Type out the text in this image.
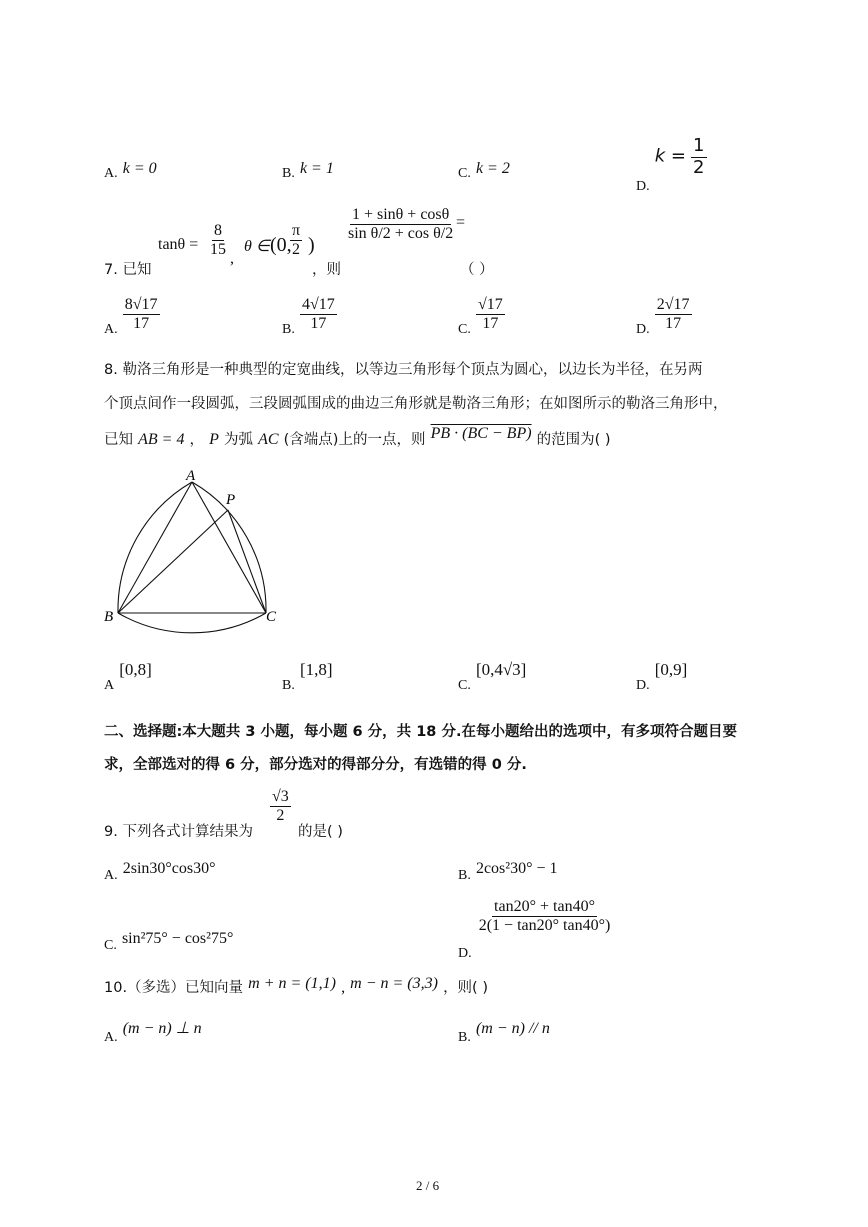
A. k = 0	B. k = 1	C. k = 2
D. $k = \frac{1}{2}$
7. 已知
$\tan\theta = \frac{8}{15}$ ,
θ ∈ (0,
$\frac{\pi}{2}$ )
，则
$\frac{1 + \sin\theta + \cos\theta}{\text{sin θ/2 + cos θ/2}}$ =
（ ）
A. $\frac{8√17}{17}$	B. $\frac{4√17}{17}$	C. $\frac{√17}{17}$	D. $\frac{2√17}{17}$
8. 勒洛三角形是一种典型的定宽曲线，以等边三角形每个顶点为圆心，以边长为半径，在另两
个顶点间作一段圆弧，三段圆弧围成的曲边三角形就是勒洛三角形；在如图所示的勒洛三角形中，
已知 AB = 4 ， P 为弧 AC (含端点)上的一点，则 PB · (BC − BP) 的范围为( )
A
P
B	C
A [0,8]
B. [1,8]
C. [0,4√3]
D. [0,9]
二、选择题:本大题共 3 小题，每小题 6 分，共 18 分.在每小题给出的选项中，有多项符合题目要
求，全部选对的得 6 分，部分选对的得部分分，有选错的得 0 分.
9. 下列各式计算结果为
$\frac{√3}{2}$
的是( )
A. 2sin30°cos30°	B. 2cos²30° − 1
C. sin²75° − cos²75°
D.
$\frac{\tan 20^\circ + \tan 40^\circ}{2(1 - \tan 20^\circ \tan 40^\circ)}$
10.（多选）已知向量 m + n = (1,1) , m − n = (3,3) ，则( )
A. (m − n) ⊥ n
B. (m − n) // n
2 / 6
